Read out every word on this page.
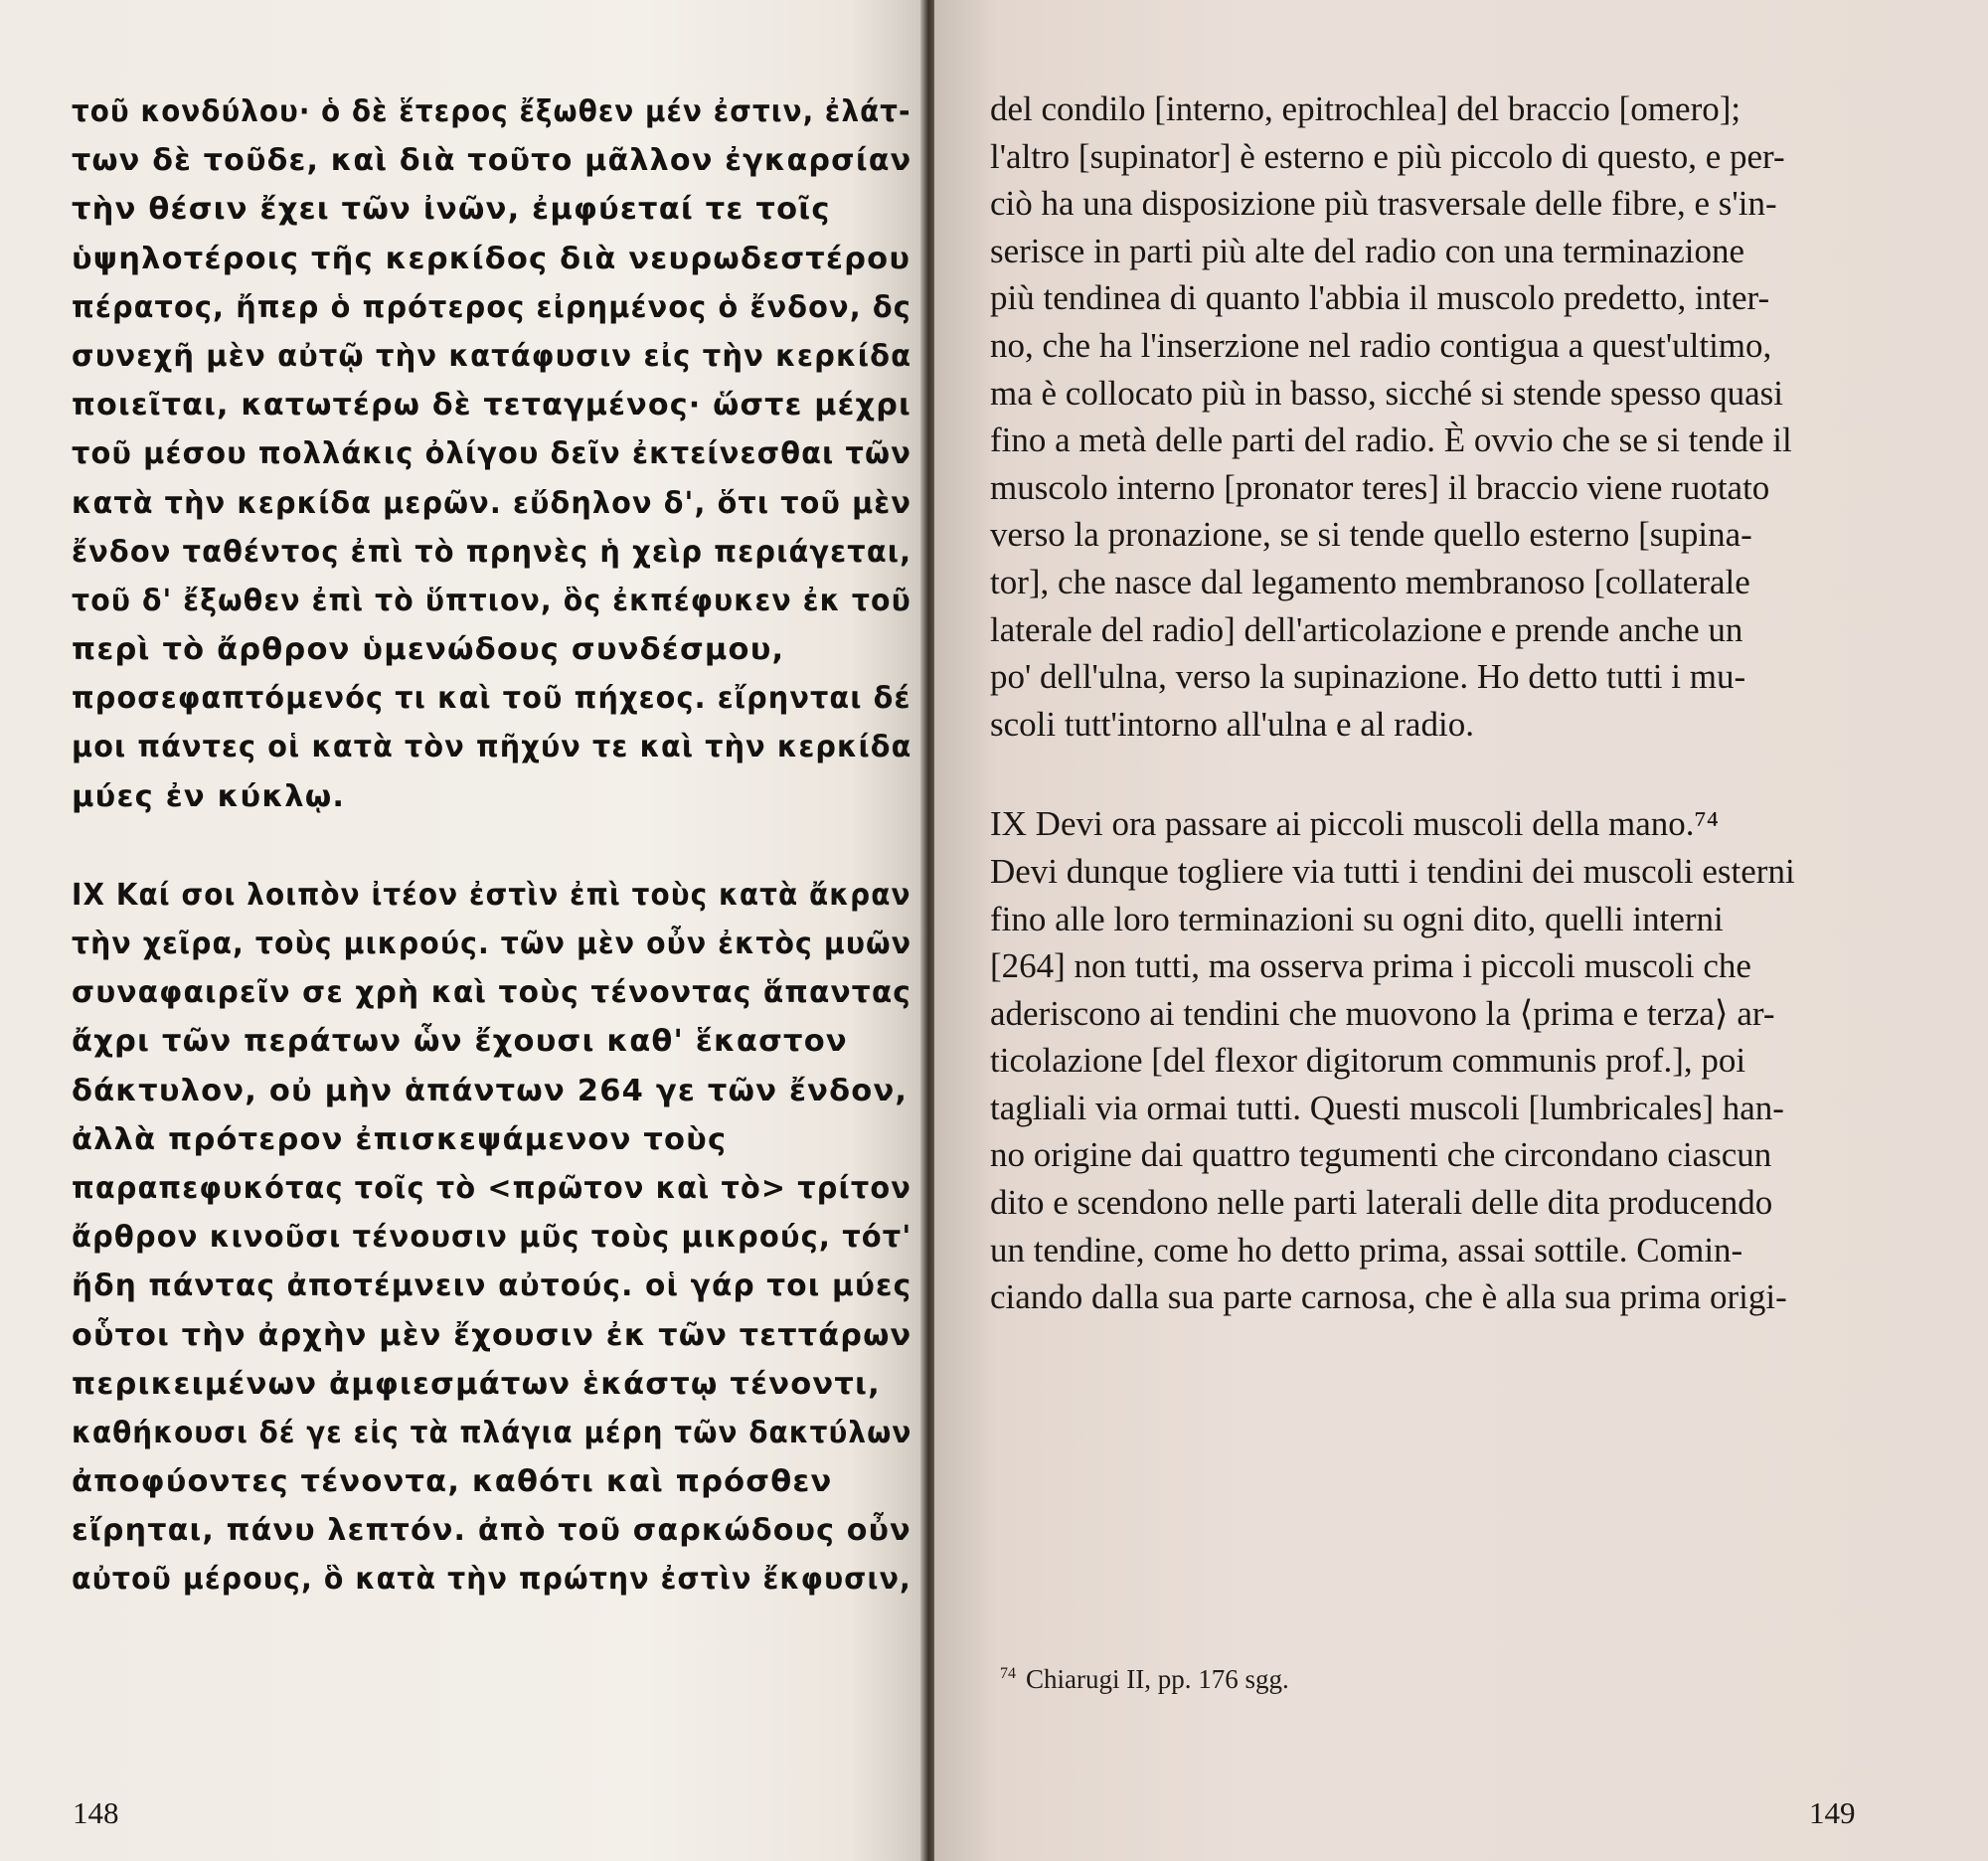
τοῦ κονδύλου· ὁ δὲ ἕτερος ἔξωθεν μέν ἐστιν, ἐλάτ-
των δὲ τοῦδε, καὶ διὰ τοῦτο μᾶλλον ἐγκαρσίαν
τὴν θέσιν ἔχει τῶν ἰνῶν, ἐμφύεταί τε τοῖς
ὑψηλοτέροις τῆς κερκίδος διὰ νευρωδεστέρου
πέρατος, ἤπερ ὁ πρότερος εἰρημένος ὁ ἔνδον, δς
συνεχῆ μὲν αὐτῷ τὴν κατάφυσιν εἰς τὴν κερκίδα
ποιεῖται, κατωτέρω δὲ τεταγμένος· ὥστε μέχρι
τοῦ μέσου πολλάκις ὀλίγου δεῖν ἐκτείνεσθαι τῶν
κατὰ τὴν κερκίδα μερῶν. εὔδηλον δ', ὅτι τοῦ μὲν
ἔνδον ταθέντος ἐπὶ τὸ πρηνὲς ἡ χεὶρ περιάγεται,
τοῦ δ' ἔξωθεν ἐπὶ τὸ ὕπτιον, ὃς ἐκπέφυκεν ἐκ τοῦ
περὶ τὸ ἄρθρον ὑμενώδους συνδέσμου,
προσεφαπτόμενός τι καὶ τοῦ πήχεος. εἴρηνται δέ
μοι πάντες οἱ κατὰ τὸν πῆχύν τε καὶ τὴν κερκίδα
μύες ἐν κύκλῳ.
IX Καί σοι λοιπὸν ἰτέον ἐστὶν ἐπὶ τοὺς κατὰ ἄκραν
τὴν χεῖρα, τοὺς μικρούς. τῶν μὲν οὖν ἐκτὸς μυῶν
συναφαιρεῖν σε χρὴ καὶ τοὺς τένοντας ἅπαντας
ἄχρι τῶν περάτων ὧν ἔχουσι καθ' ἕκαστον
δάκτυλον, οὐ μὴν ἁπάντων 264 γε τῶν ἔνδον,
ἀλλὰ πρότερον ἐπισκεψάμενον τοὺς
παραπεφυκότας τοῖς τὸ <πρῶτον καὶ τὸ> τρίτον
ἄρθρον κινοῦσι τένουσιν μῦς τοὺς μικρούς, τότ'
ἤδη πάντας ἀποτέμνειν αὐτούς. οἱ γάρ τοι μύες
οὗτοι τὴν ἀρχὴν μὲν ἔχουσιν ἐκ τῶν τεττάρων
περικειμένων ἀμφιεσμάτων ἑκάστῳ τένοντι,
καθήκουσι δέ γε εἰς τὰ πλάγια μέρη τῶν δακτύλων
ἀποφύοντες τένοντα, καθότι καὶ πρόσθεν
εἴρηται, πάνυ λεπτόν. ἀπὸ τοῦ σαρκώδους οὖν
αὐτοῦ μέρους, ὃ κατὰ τὴν πρώτην ἐστὶν ἔκφυσιν,
del condilo [interno, epitrochlea] del braccio [omero];
l'altro [supinator] è esterno e più piccolo di questo, e per-
ciò ha una disposizione più trasversale delle fibre, e s'in-
serisce in parti più alte del radio con una terminazione
più tendinea di quanto l'abbia il muscolo predetto, inter-
no, che ha l'inserzione nel radio contigua a quest'ultimo,
ma è collocato più in basso, sicché si stende spesso quasi
fino a metà delle parti del radio. È ovvio che se si tende il
muscolo interno [pronator teres] il braccio viene ruotato
verso la pronazione, se si tende quello esterno [supina-
tor], che nasce dal legamento membranoso [collaterale
laterale del radio] dell'articolazione e prende anche un
po' dell'ulna, verso la supinazione. Ho detto tutti i mu-
scoli tutt'intorno all'ulna e al radio.
IX Devi ora passare ai piccoli muscoli della mano.⁷⁴
Devi dunque togliere via tutti i tendini dei muscoli esterni
fino alle loro terminazioni su ogni dito, quelli interni
[264] non tutti, ma osserva prima i piccoli muscoli che
aderiscono ai tendini che muovono la ⟨prima e terza⟩ ar-
ticolazione [del flexor digitorum communis prof.], poi
tagliali via ormai tutti. Questi muscoli [lumbricales] han-
no origine dai quattro tegumenti che circondano ciascun
dito e scendono nelle parti laterali delle dita producendo
un tendine, come ho detto prima, assai sottile. Comin-
ciando dalla sua parte carnosa, che è alla sua prima origi-
$^{74}$ Chiarugi II, pp. 176 sgg.
148	149
